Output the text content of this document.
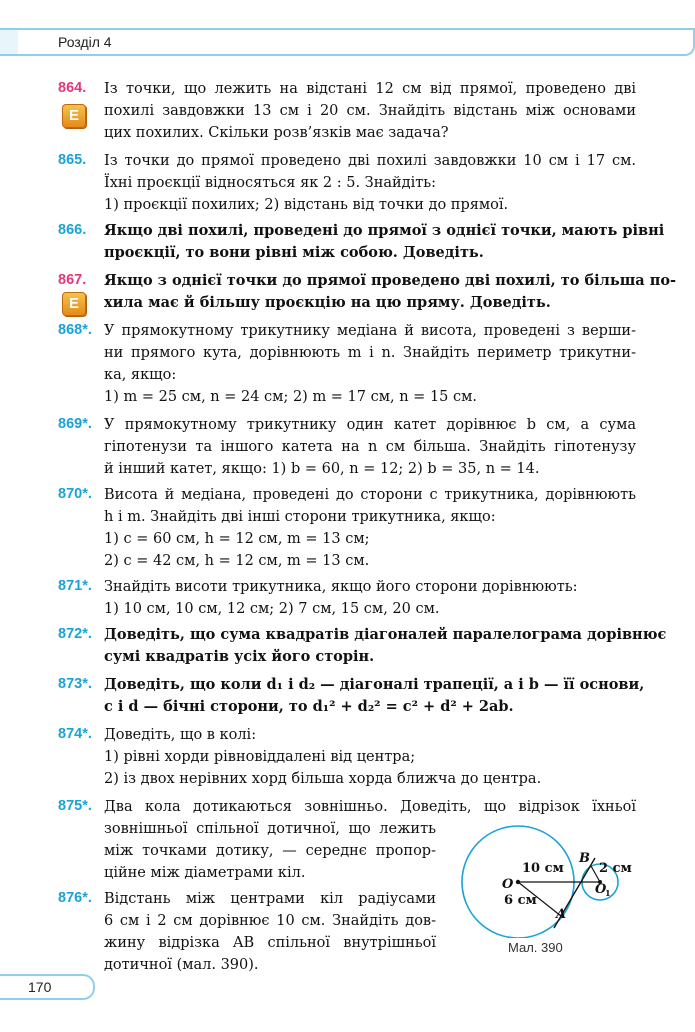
Розділ 4
864.
Е
Із точки, що лежить на відстані 12 см від прямої, проведено дві
похилі завдовжки 13 см і 20 см. Знайдіть відстань між основами
цих похилих. Скільки розв’язків має задача?
865. Із точки до прямої проведено дві похилі завдовжки 10 см і 17 см.
Їхні проєкції відносяться як 2 : 5. Знайдіть:
1) проєкції похилих; 2) відстань від точки до прямої.
866. Якщо дві похилі, проведені до прямої з однієї точки, мають рівні
проєкції, то вони рівні між собою. Доведіть.
867.
Е
Якщо з однієї точки до прямої проведено дві похилі, то більша по-
хила має й більшу проєкцію на цю пряму. Доведіть.
868*. У прямокутному трикутнику медіана й висота, проведені з верши-
ни прямого кута, дорівнюють m і n. Знайдіть периметр трикутни-
ка, якщо:
1) m = 25 см, n = 24 см; 2) m = 17 см, n = 15 см.
869*. У прямокутному трикутнику один катет дорівнює b см, а сума
гіпотенузи та іншого катета на n см більша. Знайдіть гіпотенузу
й інший катет, якщо: 1) b = 60, n = 12; 2) b = 35, n = 14.
870*. Висота й медіана, проведені до сторони c трикутника, дорівнюють
h і m. Знайдіть дві інші сторони трикутника, якщо:
1) c = 60 см, h = 12 см, m = 13 см;
2) c = 42 см, h = 12 см, m = 13 см.
871*. Знайдіть висоти трикутника, якщо його сторони дорівнюють:
1) 10 см, 10 см, 12 см; 2) 7 см, 15 см, 20 см.
872*. Доведіть, що сума квадратів діагоналей паралелограма дорівнює
сумі квадратів усіх його сторін.
873*. Доведіть, що коли d₁ і d₂ — діагоналі трапеції, a і b — її основи,
c і d — бічні сторони, то d₁² + d₂² = c² + d² + 2ab.
874*. Доведіть, що в колі:
1) рівні хорди рівновіддалені від центра;
2) із двох нерівних хорд більша хорда ближча до центра.
875*. Два кола дотикаються зовнішньо. Доведіть, що відрізок їхньої
зовнішньої спільної дотичної, що лежить
між точками дотику, — середнє пропор-
ційне між діаметрами кіл.
876*. Відстань між центрами кіл радіусами
6 см і 2 см дорівнює 10 см. Знайдіть дов-
жину відрізка AB спільної внутрішньої
дотичної (мал. 390).
O	O
1
A
B
10 см
6 см
2 см
Мал. 390
170
